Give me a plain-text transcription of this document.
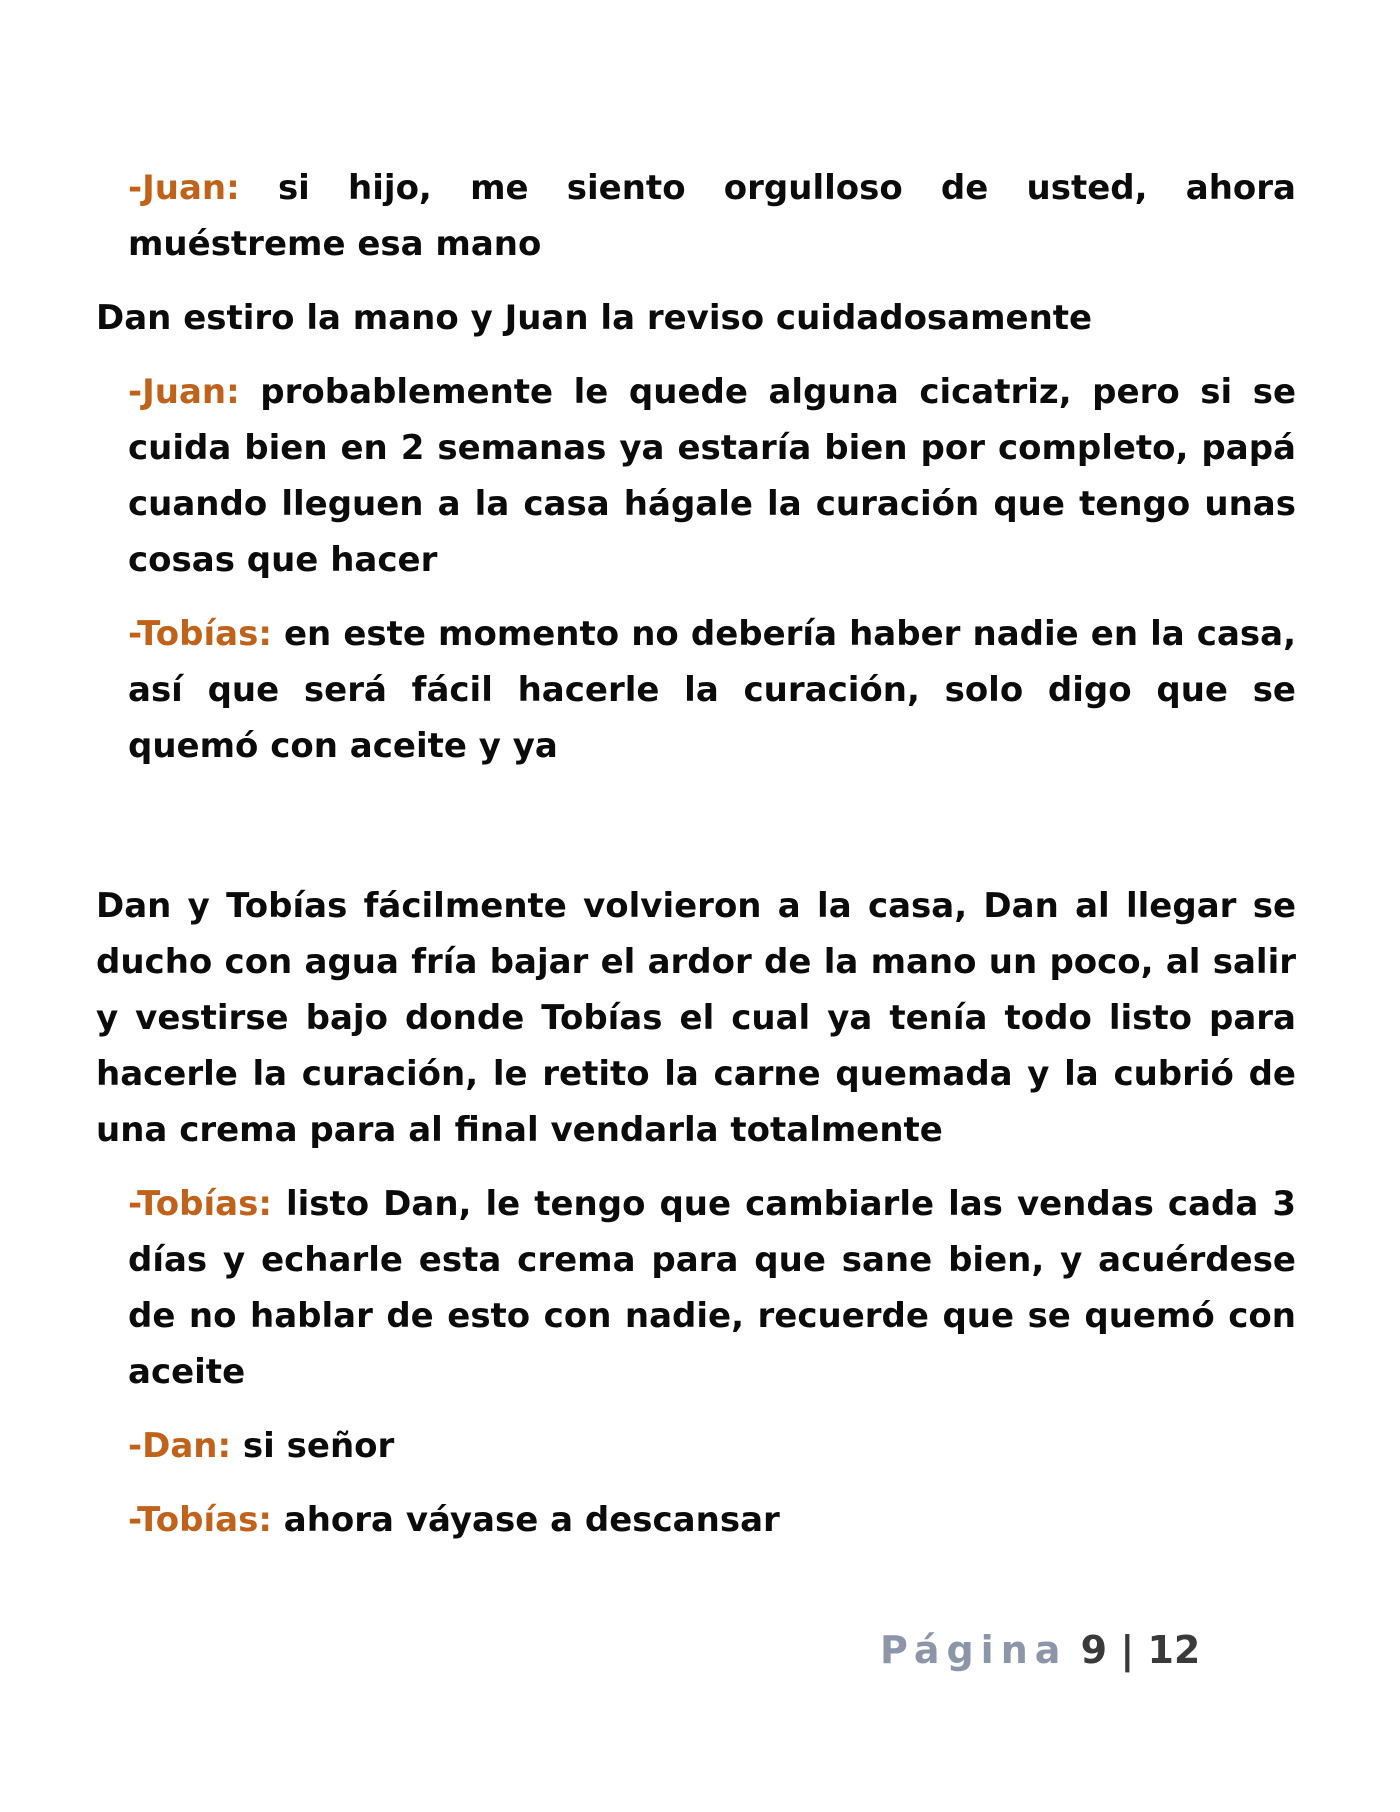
-Juan: si hijo, me siento orgulloso de usted, ahora muéstreme esa mano

Dan estiro la mano y Juan la reviso cuidadosamente

-Juan: probablemente le quede alguna cicatriz, pero si se cuida bien en 2 semanas ya estaría bien por completo, papá cuando lleguen a la casa hágale la curación que tengo unas cosas que hacer

-Tobías: en este momento no debería haber nadie en la casa, así que será fácil hacerle la curación, solo digo que se quemó con aceite y ya

Dan y Tobías fácilmente volvieron a la casa, Dan al llegar se ducho con agua fría bajar el ardor de la mano un poco, al salir y vestirse bajo donde Tobías el cual ya tenía todo listo para hacerle la curación, le retito la carne quemada y la cubrió de una crema para al final vendarla totalmente

-Tobías: listo Dan, le tengo que cambiarle las vendas cada 3 días y echarle esta crema para que sane bien, y acuérdese de no hablar de esto con nadie, recuerde que se quemó con aceite

-Dan: si señor

-Tobías: ahora váyase a descansar

Página 9 | 12
